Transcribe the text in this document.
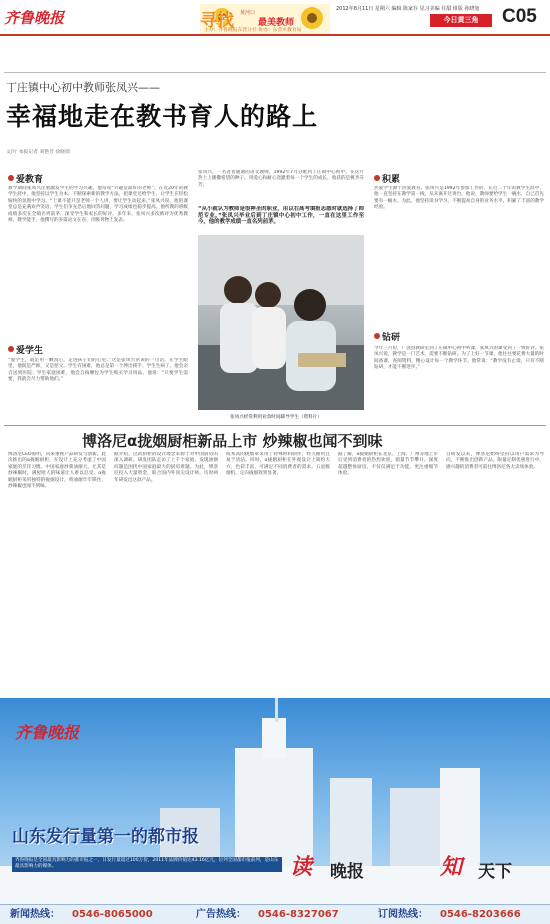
齐鲁晚报	寻找 黄河口
最美教师
主办：齐鲁晚报东营分社 协办：东营市教育局
2012年8月11日 星期六 编辑 陈家存 见习美编 任甜 组版 孙晓旭
今日黄三角	C05
丁庄镇中心初中教师张凤兴——
幸福地走在教书育人的路上
文/片 本报记者 刘艳芳 徐晓瑞
爱教育
教学期间张凤兴注重激发学生的学习兴趣，他常说“兴趣是最好的老师”。在近20年的教学生涯中，他坚持以学生为本，不断探索新的教学方法，把课堂还给学生，让学生在轻松愉快的氛围中学习。“上课不能只是老师一个人讲，要让学生动起来。”张凤兴说，他的课堂总是充满欢声笑语，学生们争先恐后地回答问题，学习成绩也稳步提高。他所教的班级成绩多次在全镇名列前茅，深受学生和家长的好评。多年来，张凤兴多次被评为优秀教师、教学能手，他撰写的多篇论文在省、市级刊物上发表。
爱学生
“爱学生，就是用一颗真心，走进孩子们的心里。”这是张凤兴常说的一句话。在学生眼里，他既是严师，又是慈父。学生有困难，他总是第一个伸出援手；学生生病了，他会亲自送到医院；学生家庭困难，他会自掏腰包为学生购买学习用品。他说：“只要学生需要，我就会尽力帮助他们。”
张凤兴，一名普普通通的语文教师，1992年7月分配到丁庄镇中心初中，在这片热土上播撒希望的种子，用爱心和耐心浇灌着每一个学生的成长，收获的是桃李芬芳。
“从小就认为教师是很神圣的职业，用以右高考填报志愿时就选择了师范专业。”张凤兴毕业后到丁庄镇中心初中工作，一直在这里工作至今，他的教学成绩一直名列前茅。
张凤兴经常利用业余时间辅导学生（资料片）
积累
热爱学生源于热爱教育。张凤兴是1992年参加工作的，在近二十年的教学生涯中，他一直坚持在教学第一线，从未离开过讲台。他说，教师要给学生一碗水，自己首先要有一桶水。为此，他坚持读书学习，不断提高自身的业务水平，积累了丰富的教学经验。
钻研
今年三月份，广饶县教研室到丁庄镇中心初中听课，张凤兴的课受到了一致好评。张凤兴说，教学是一门艺术，需要不断钻研。为了上好一节课，他往往要花费大量的时间备课，查阅资料，精心设计每一个教学环节。他常说：“教学没有止境，只有不断钻研，才能不断进步。”
博洛尼α拢姻厨柜新品上市 炒辣椒也闻不到味
博洛尼CEO蔡明，向来重视产品研发与创新。此次推出的α拢姻厨柜，在设计上充分考虑了中国家庭的烹饪习惯。中国家庭炒菜油烟大，尤其是炒辣椒时，满屋呛人的味道让人难以忍受。α拢姻厨柜采用独特的拢烟设计，将油烟牢牢锁住，炒辣椒也闻不到味。
据介绍，这款厨柜的设计理念来源于对中国厨房的深入调研。研发团队走访了上千个家庭，发现油烟问题是困扰中国家庭最大的厨房难题。为此，博洛尼投入大量资金，联合国内外顶尖设计师，历时两年研发出这款产品。
成本高的拢烟罩采用了特殊材料制作，经久耐用且易于清洁。同时，α拢姻厨柜在外观设计上简约大方，色彩丰富，可满足不同消费者的需求。五星级烟机，定向拢烟效果显著。
据了解，α拢姻厨柜在北京、上海、广州等地上市后受到消费者的热烈欢迎，销量节节攀升。深度超越整体厨房，不仅仅满足于功能，更注重细节体验。
自研发以来，博洛尼始终坚持以用户需求为导向，不断推出创新产品。限量定制优惠进行中，感兴趣的消费者可前往博洛尼各大卖场体验。
齐鲁晚报
山东发行量第一的都市报
齐鲁晚报是全国最具影响力的都市报之一，日发行量超过100万份，2011年品牌价值达43.16亿元，位列全国都市报前列，是山东最具影响力的媒体。	读 晚报	知 天下
新闻热线： 0546-8065000	广告热线： 0546-8327067	订阅热线： 0546-8203666
